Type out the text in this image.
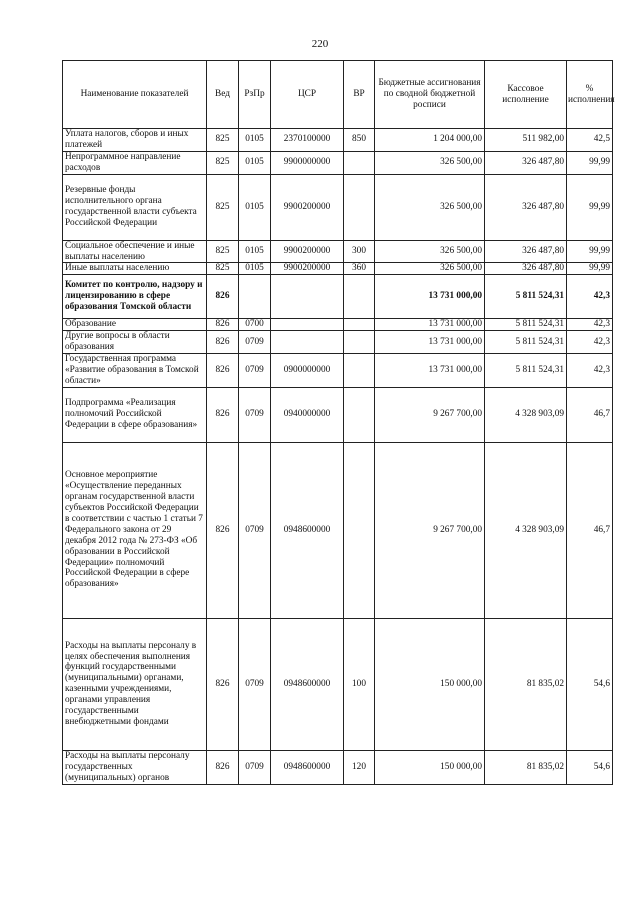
220
Наименование показателей	Вед	РзПр	ЦСР	ВР	Бюджетные ассигнования по сводной бюджетной росписи	Кассовое исполнение	% исполнения
Уплата налогов, сборов и иных платежей	825	0105	2370100000	850	1 204 000,00	511 982,00	42,5
Непрограммное направление расходов	825	0105	9900000000		326 500,00	326 487,80	99,99
Резервные фонды исполнительного органа государственной власти субъекта Российской Федерации	825	0105	9900200000		326 500,00	326 487,80	99,99
Социальное обеспечение и иные выплаты населению	825	0105	9900200000	300	326 500,00	326 487,80	99,99
Иные выплаты населению	825	0105	9900200000	360	326 500,00	326 487,80	99,99
Комитет по контролю, надзору и лицензированию в сфере образования Томской области	826				13 731 000,00	5 811 524,31	42,3
Образование	826	0700			13 731 000,00	5 811 524,31	42,3
Другие вопросы в области образования	826	0709			13 731 000,00	5 811 524,31	42,3
Государственная программа «Развитие образования в Томской области»	826	0709	0900000000		13 731 000,00	5 811 524,31	42,3
Подпрограмма «Реализация полномочий Российской Федерации в сфере образования»	826	0709	0940000000		9 267 700,00	4 328 903,09	46,7
Основное мероприятие «Осуществление переданных органам государственной власти субъектов Российской Федерации в соответствии с частью 1 статьи 7 Федерального закона от 29 декабря 2012 года № 273-ФЗ «Об образовании в Российской Федерации» полномочий Российской Федерации в сфере образования»	826	0709	0948600000		9 267 700,00	4 328 903,09	46,7
Расходы на выплаты персоналу в целях обеспечения выполнения функций государственными (муниципальными) органами, казенными учреждениями, органами управления государственными внебюджетными фондами	826	0709	0948600000	100	150 000,00	81 835,02	54,6
Расходы на выплаты персоналу государственных (муниципальных) органов	826	0709	0948600000	120	150 000,00	81 835,02	54,6
